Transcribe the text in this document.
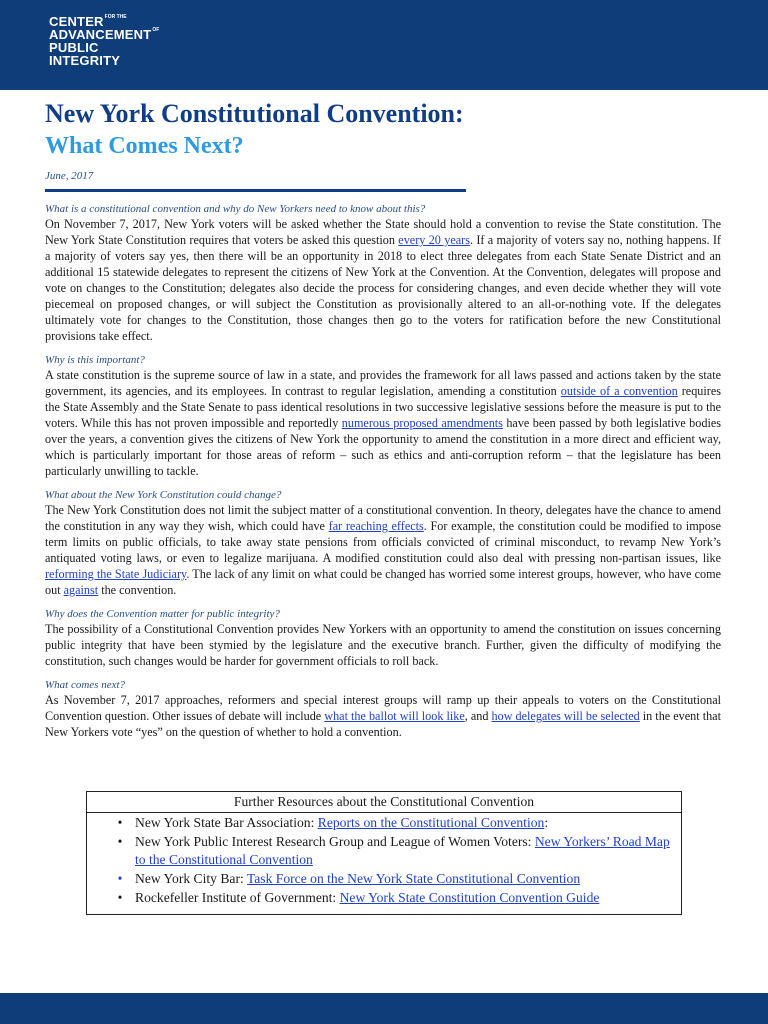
$CENTER^{FOR THE}$
$ADVANCEMENT^{OF}$
PUBLIC
INTEGRITY
New York Constitutional Convention:
What Comes Next?
June, 2017
What is a constitutional convention and why do New Yorkers need to know about this?

On November 7, 2017, New York voters will be asked whether the State should hold a convention to revise the State constitution. The New York State Constitution requires that voters be asked this question every 20 years. If a majority of voters say no, nothing happens. If a majority of voters say yes, then there will be an opportunity in 2018 to elect three delegates from each State Senate District and an additional 15 statewide delegates to represent the citizens of New York at the Convention. At the Convention, delegates will propose and vote on changes to the Constitution; delegates also decide the process for considering changes, and even decide whether they will vote piecemeal on proposed changes, or will subject the Constitution as provisionally altered to an all-or-nothing vote. If the delegates ultimately vote for changes to the Constitution, those changes then go to the voters for ratification before the new Constitutional provisions take effect.

Why is this important?

A state constitution is the supreme source of law in a state, and provides the framework for all laws passed and actions taken by the state government, its agencies, and its employees. In contrast to regular legislation, amending a constitution outside of a convention requires the State Assembly and the State Senate to pass identical resolutions in two successive legislative sessions before the measure is put to the voters. While this has not proven impossible and reportedly numerous proposed amendments have been passed by both legislative bodies over the years, a convention gives the citizens of New York the opportunity to amend the constitution in a more direct and efficient way, which is particularly important for those areas of reform – such as ethics and anti-corruption reform – that the legislature has been particularly unwilling to tackle.

What about the New York Constitution could change?

The New York Constitution does not limit the subject matter of a constitutional convention. In theory, delegates have the chance to amend the constitution in any way they wish, which could have far reaching effects. For example, the constitution could be modified to impose term limits on public officials, to take away state pensions from officials convicted of criminal misconduct, to revamp New York’s antiquated voting laws, or even to legalize marijuana. A modified constitution could also deal with pressing non-partisan issues, like reforming the State Judiciary. The lack of any limit on what could be changed has worried some interest groups, however, who have come out against the convention.

Why does the Convention matter for public integrity?

The possibility of a Constitutional Convention provides New Yorkers with an opportunity to amend the constitution on issues concerning public integrity that have been stymied by the legislature and the executive branch. Further, given the difficulty of modifying the constitution, such changes would be harder for government officials to roll back.

What comes next?

As November 7, 2017 approaches, reformers and special interest groups will ramp up their appeals to voters on the Constitutional Convention question. Other issues of debate will include what the ballot will look like, and how delegates will be selected in the event that New Yorkers vote “yes” on the question of whether to hold a convention.

Further Resources about the Constitutional Convention
• New York State Bar Association: Reports on the Constitutional Convention:
• New York Public Interest Research Group and League of Women Voters: New Yorkers’ Road Map to the Constitutional Convention
• New York City Bar: Task Force on the New York State Constitutional Convention
• Rockefeller Institute of Government: New York State Constitution Convention Guide
